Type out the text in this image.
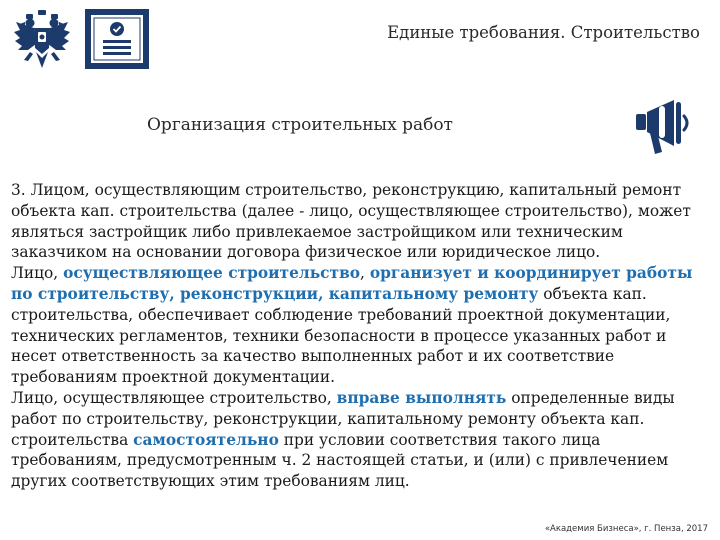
Единые требования. Строительство
Организация строительных работ

3. Лицом, осуществляющим строительство, реконструкцию, капитальный ремонт объекта кап. строительства (далее - лицо, осуществляющее строительство), может являться застройщик либо привлекаемое застройщиком или техническим заказчиком на основании договора физическое или юридическое лицо.

Лицо, осуществляющее строительство, организует и координирует работы по строительству, реконструкции, капитальному ремонту объекта кап. строительства, обеспечивает соблюдение требований проектной документации, технических регламентов, техники безопасности в процессе указанных работ и несет ответственность за качество выполненных работ и их соответствие требованиям проектной документации.

Лицо, осуществляющее строительство, вправе выполнять определенные виды работ по строительству, реконструкции, капитальному ремонту объекта кап. строительства самостоятельно при условии соответствия такого лица требованиям, предусмотренным ч. 2 настоящей статьи, и (или) с привлечением других соответствующих этим требованиям лиц.

«Академия Бизнеса», г. Пенза, 2017
